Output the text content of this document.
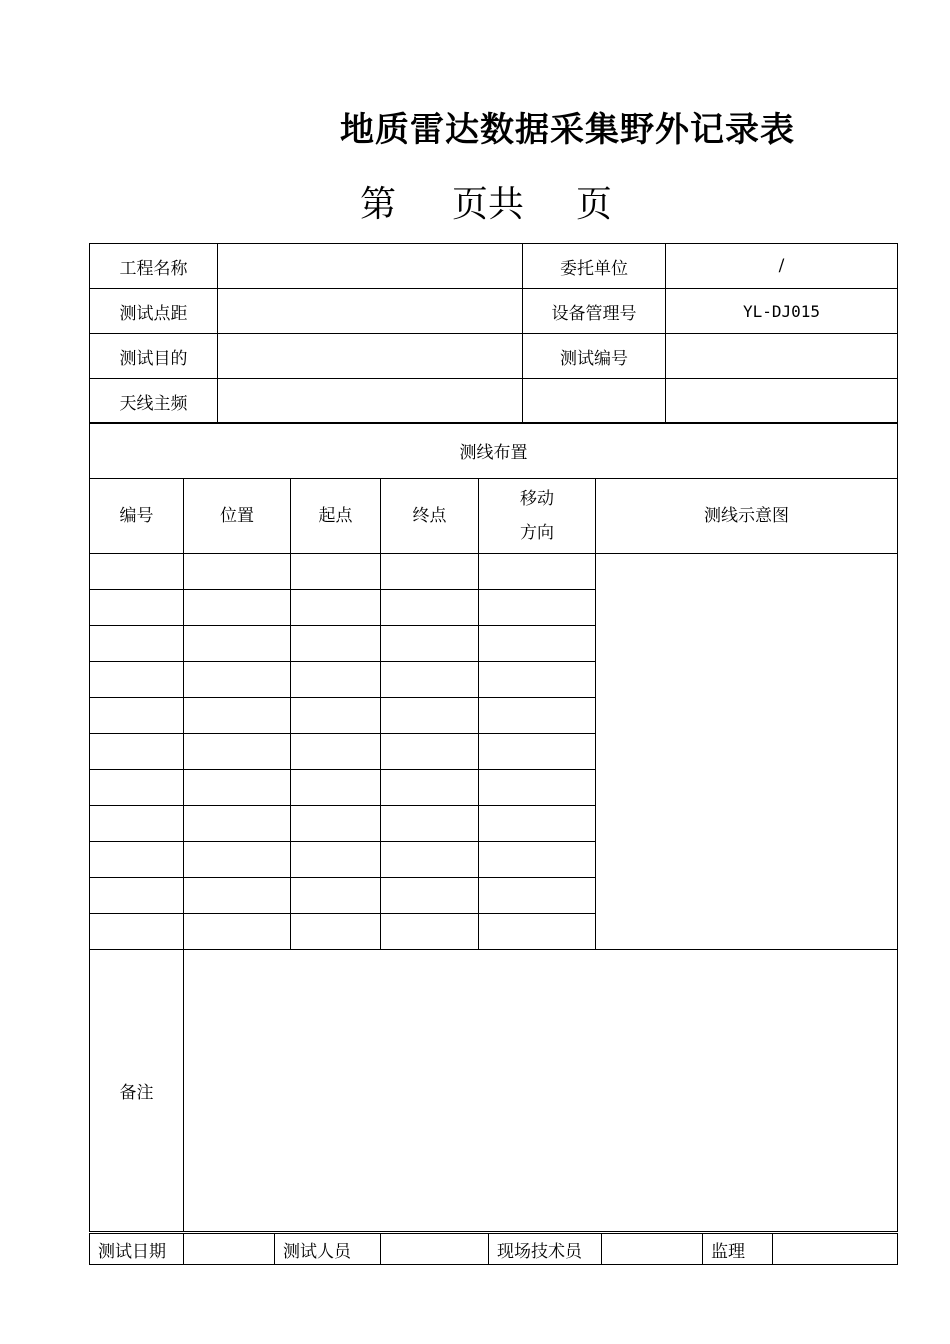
地质雷达数据采集野外记录表
第 页共 页
工程名称		委托单位	/
测试点距		设备管理号	YL-DJ015
测试目的		测试编号	
天线主频			
测线布置					
编号	位置	起点	终点	移动
方向	测线示意图

备注					
测试日期		测试人员		现场技术员		监理	
